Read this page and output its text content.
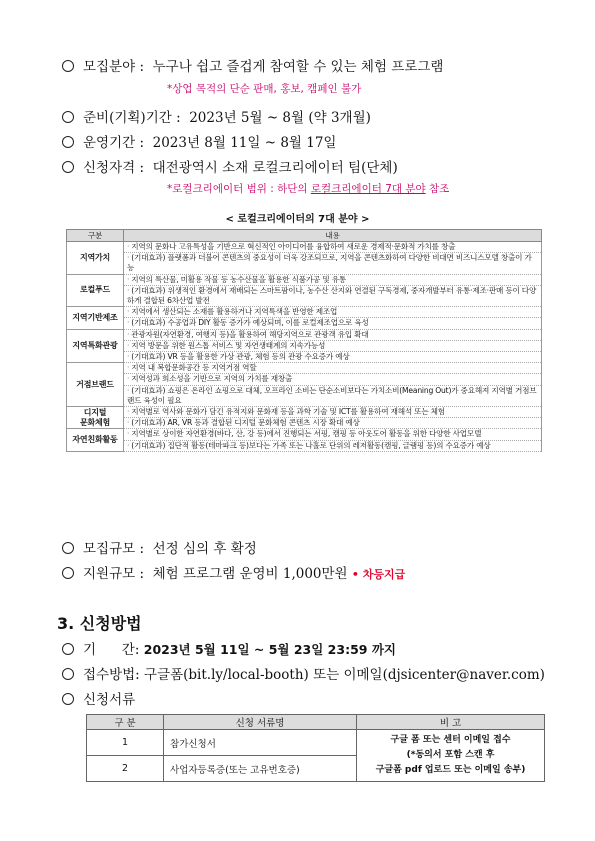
모집분야 : 누구나 쉽고 즐겁게 참여할 수 있는 체험 프로그램
*상업 목적의 단순 판매, 홍보, 캠페인 불가
준비(기획)기간 : 2023년 5월 ~ 8월 (약 3개월)
운영기간 : 2023년 8월 11일 ~ 8월 17일
신청자격 : 대전광역시 소재 로컬크리에이터 팀(단체)
*로컬크리에이터 범위 : 하단의 로컬크리에이터 7대 분야 참조
< 로컬크리에이터의 7대 분야 >
구분	내용
지역가치	· 지역의 문화나 고유특성을 기반으로 혁신적인 아이디어를 융합하여 새로운 경제적·문화적 가치를 창출
	· (기대효과) 플랫폼과 더불어 콘텐츠의 중요성이 더욱 강조되므로, 지역을 콘텐츠화하여 다양한 비대면 비즈니스모델 창출이 가능
로컬푸드	· 지역의 특산물, 미활용 작물 등 농수산물을 활용한 식품가공 및 유통
	· (기대효과) 위생적인 환경에서 재배되는 스마트팜이나, 농수산 산지와 연결된 구독경제, 중자개발부터 유통·제조·판매 등이 다양하게 결합된 6차산업 발전
지역기반제조	· 지역에서 생산되는 소재를 활용하거나 지역특색을 반영한 제조업
	· (기대효과) 수공업과 DIY 활동 증가가 예상되며, 이를 로컬제조업으로 육성
지역특화관광	· 관광자원(자연환경, 여행지 등)을 활용하여 해당지역으로 관광객 유입 확대
	· 지역 방문을 위한 원스톱 서비스 및 자연생태계의 지속가능성
	· (기대효과) VR 등을 활용한 가상 관광, 체험 등의 관광 수요증가 예상
거점브랜드	· 지역 내 복합문화공간 등 지역거점 역할
	· 지역성과 희소성을 기반으로 지역의 가치를 재창출
	· (기대효과) 쇼핑은 온라인 쇼핑으로 대체, 오프라인 소비는 단순소비보다는 가치소비(Meaning Out)가 중요해져 지역별 거점브랜드 육성이 필요
디지털
문화체험	· 지역별로 역사와 문화가 담긴 유적지와 문화재 등을 과학 기술 및 ICT를 활용하여 재해석 또는 체험
	· (기대효과) AR, VR 등과 결합된 디지털 문화체험 콘텐츠 시장 확대 예상
자연친화활동	· 지역별로 상이한 자연환경(바다, 산, 강 등)에서 진행되는 서핑, 캠핑 등 아웃도어 활동을 위한 다양한 사업모델
	· (기대효과) 집단적 활동(테마파크 등)보다는 가족 또는 나홀로 단위의 레저활동(캠핑, 글램핑 등)의 수요증가 예상
모집규모 : 선정 심의 후 확정
지원규모 : 체험 프로그램 운영비 1,000만원 • 차등지급
3. 신청방법
기      간: 2023년 5월 11일 ~ 5월 23일 23:59 까지
접수방법: 구글폼(bit.ly/local-booth) 또는 이메일(djsicenter@naver.com)
신청서류
구 분	신청 서류명	비 고
1	참가신청서	구글 폼 또는 센터 이메일 접수
(*동의서 포함 스캔 후
구글폼 pdf 업로드 또는 이메일 송부)
2	사업자등록증(또는 고유번호증)	
